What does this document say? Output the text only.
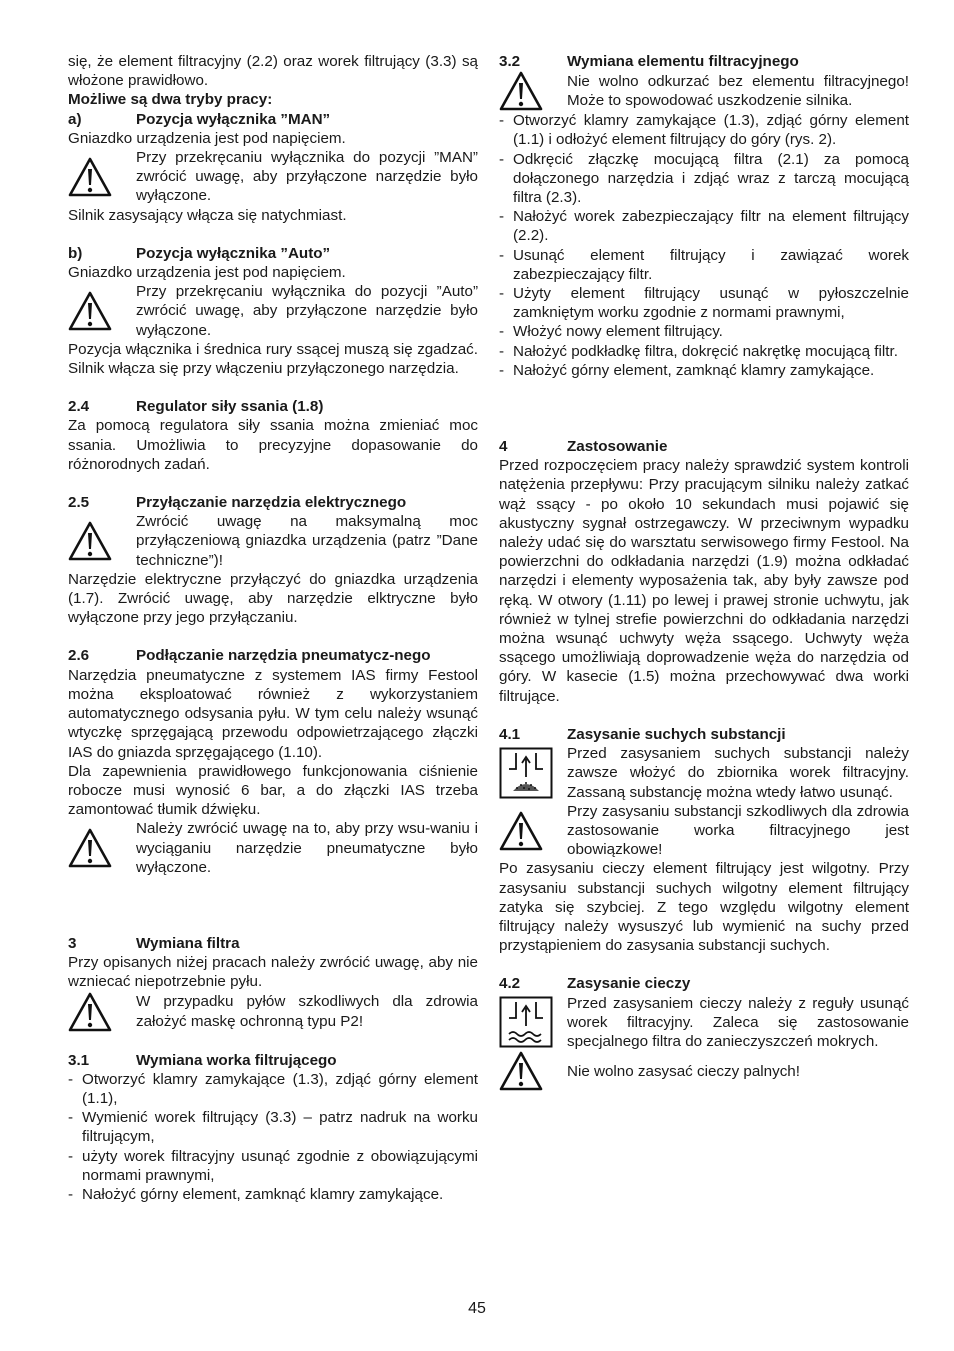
się, że element filtracyjny (2.2) oraz worek filtrujący (3.3) są włożone prawidłowo.

Możliwe są dwa tryby pracy:

a)	Pozycja wyłącznika ”MAN”

Gniazdko urządzenia jest pod napięciem.

Przy przekręcaniu wyłącznika do pozycji ”MAN” zwrócić uwagę, aby przyłączone narzędzie było wyłączone.

Silnik zasysający włącza się natychmiast.

b)	Pozycja wyłącznika ”Auto”

Gniazdko urządzenia jest pod napięciem.

Przy przekręcaniu wyłącznika do pozycji ”Auto” zwrócić uwagę, aby przyłączone narzędzie było wyłączone.

Pozycja włącznika i średnica rury ssącej muszą się zgadzać. Silnik włącza się przy włączeniu przyłączonego narzędzia.

2.4	Regulator siły ssania (1.8)

Za pomocą regulatora siły ssania można zmieniać moc ssania. Umożliwia to precyzyjne dopasowanie do różnorodnych zadań.

2.5	Przyłączanie narzędzia elektrycznego
Zwrócić uwagę na maksymalną moc przyłączeniową gniazdka urządzenia (patrz ”Dane techniczne”)!

Narzędzie elektryczne przyłączyć do gniazdka urządzenia (1.7). Zwrócić uwagę, aby narzędzie elktryczne było wyłączone przy jego przyłączaniu.

2.6	Podłączanie narzędzia pneumatycz-nego

Narzędzia pneumatyczne z systemem IAS firmy Festool można eksploatować również z wykorzystaniem automatycznego odsysania pyłu. W tym celu należy wsunąć wtyczkę sprzęgającą przewodu odpowietrzającego złączki IAS do gniazda sprzęgającego (1.10).

Dla zapewnienia prawidłowego funkcjonowania ciśnienie robocze musi wynosić 6 bar, a do złączki IAS trzeba zamontować tłumik dźwięku.

Należy zwrócić uwagę na to, aby przy wsu-waniu i wyciąganiu narzędzie pneumatyczne było wyłączone.
3	Wymiana filtra

Przy opisanych niżej pracach należy zwrócić uwagę, aby nie wzniecać niepotrzebnie pyłu.

W przypadku pyłów szkodliwych dla zdrowia założyć maskę ochronną typu P2!
3.1	Wymiana worka filtrującego
- Otworzyć klamry zamykające (1.3), zdjąć górny element (1.1),
- Wymienić worek filtrujący (3.3) – patrz nadruk na worku filtrującym,
- użyty worek filtracyjny usunąć zgodnie z obowiązującymi normami prawnymi,
- Nałożyć górny element, zamknąć klamry zamykające.
3.2	Wymiana elementu filtracyjnego
Nie wolno odkurzać bez elementu filtracyjnego! Może to spowodować uszkodzenie silnika.
- Otworzyć klamry zamykające (1.3), zdjąć górny element (1.1) i odłożyć element filtrujący do góry (rys. 2).
- Odkręcić złączkę mocującą filtra (2.1) za pomocą dołączonego narzędzia i zdjąć wraz z tarczą mocującą filtra (2.3).
- Nałożyć worek zabezpieczający filtr na element filtrujący (2.2).
- Usunąć element filtrujący i zawiązać worek zabezpieczający filtr.
- Użyty element filtrujący usunąć w pyłoszczelnie zamkniętym worku zgodnie z normami prawnymi,
- Włożyć nowy element filtrujący.
- Nałożyć podkładkę filtra, dokręcić nakrętkę mocującą filtr.
- Nałożyć górny element, zamknąć klamry zamykające.
4	Zastosowanie

Przed rozpoczęciem pracy należy sprawdzić system kontroli natężenia przepływu: Przy pracującym silniku należy zatkać wąż ssący - po około 10 sekundach musi pojawić się akustyczny sygnał ostrzegawczy. W przeciwnym wypadku należy udać się do warsztatu serwisowego firmy Festool. Na powierzchni do odkładania narzędzi (1.9) można odkładać narzędzi i elementy wyposażenia tak, aby były zawsze pod ręką. W otwory (1.11) po lewej i prawej stronie uchwytu, jak również w tylnej strefie powierzchni do odkładania narzędzi można wsunąć uchwyty węża ssącego. Uchwyty węża ssącego umożliwiają doprowadzenie węża do narzędzia od góry. W kasecie (1.5) można przechowywać dwa worki filtrujące.

4.1	Zasysanie suchych substancji
Przed zasysaniem suchych substancji należy zawsze włożyć do zbiornika worek filtracyjny. Zassaną substancję można wtedy łatwo usunąć.
Przy zasysaniu substancji szkodliwych dla zdrowia zastosowanie worka filtracyjnego jest obowiązkowe!

Po zasysaniu cieczy element filtrujący jest wilgotny. Przy zasysaniu substancji suchych wilgotny element filtrujący zatyka się szybciej. Z tego względu wilgotny element filtrujący należy wysuszyć lub wymienić na suchy przed przystąpieniem do zasysania substancji suchych.

4.2	Zasysanie cieczy
Przed zasysaniem cieczy należy z reguły usunąć worek filtracyjny. Zaleca się zastosowanie specjalnego filtra do zanieczyszczeń mokrych.
Nie wolno zasysać cieczy palnych!
45
